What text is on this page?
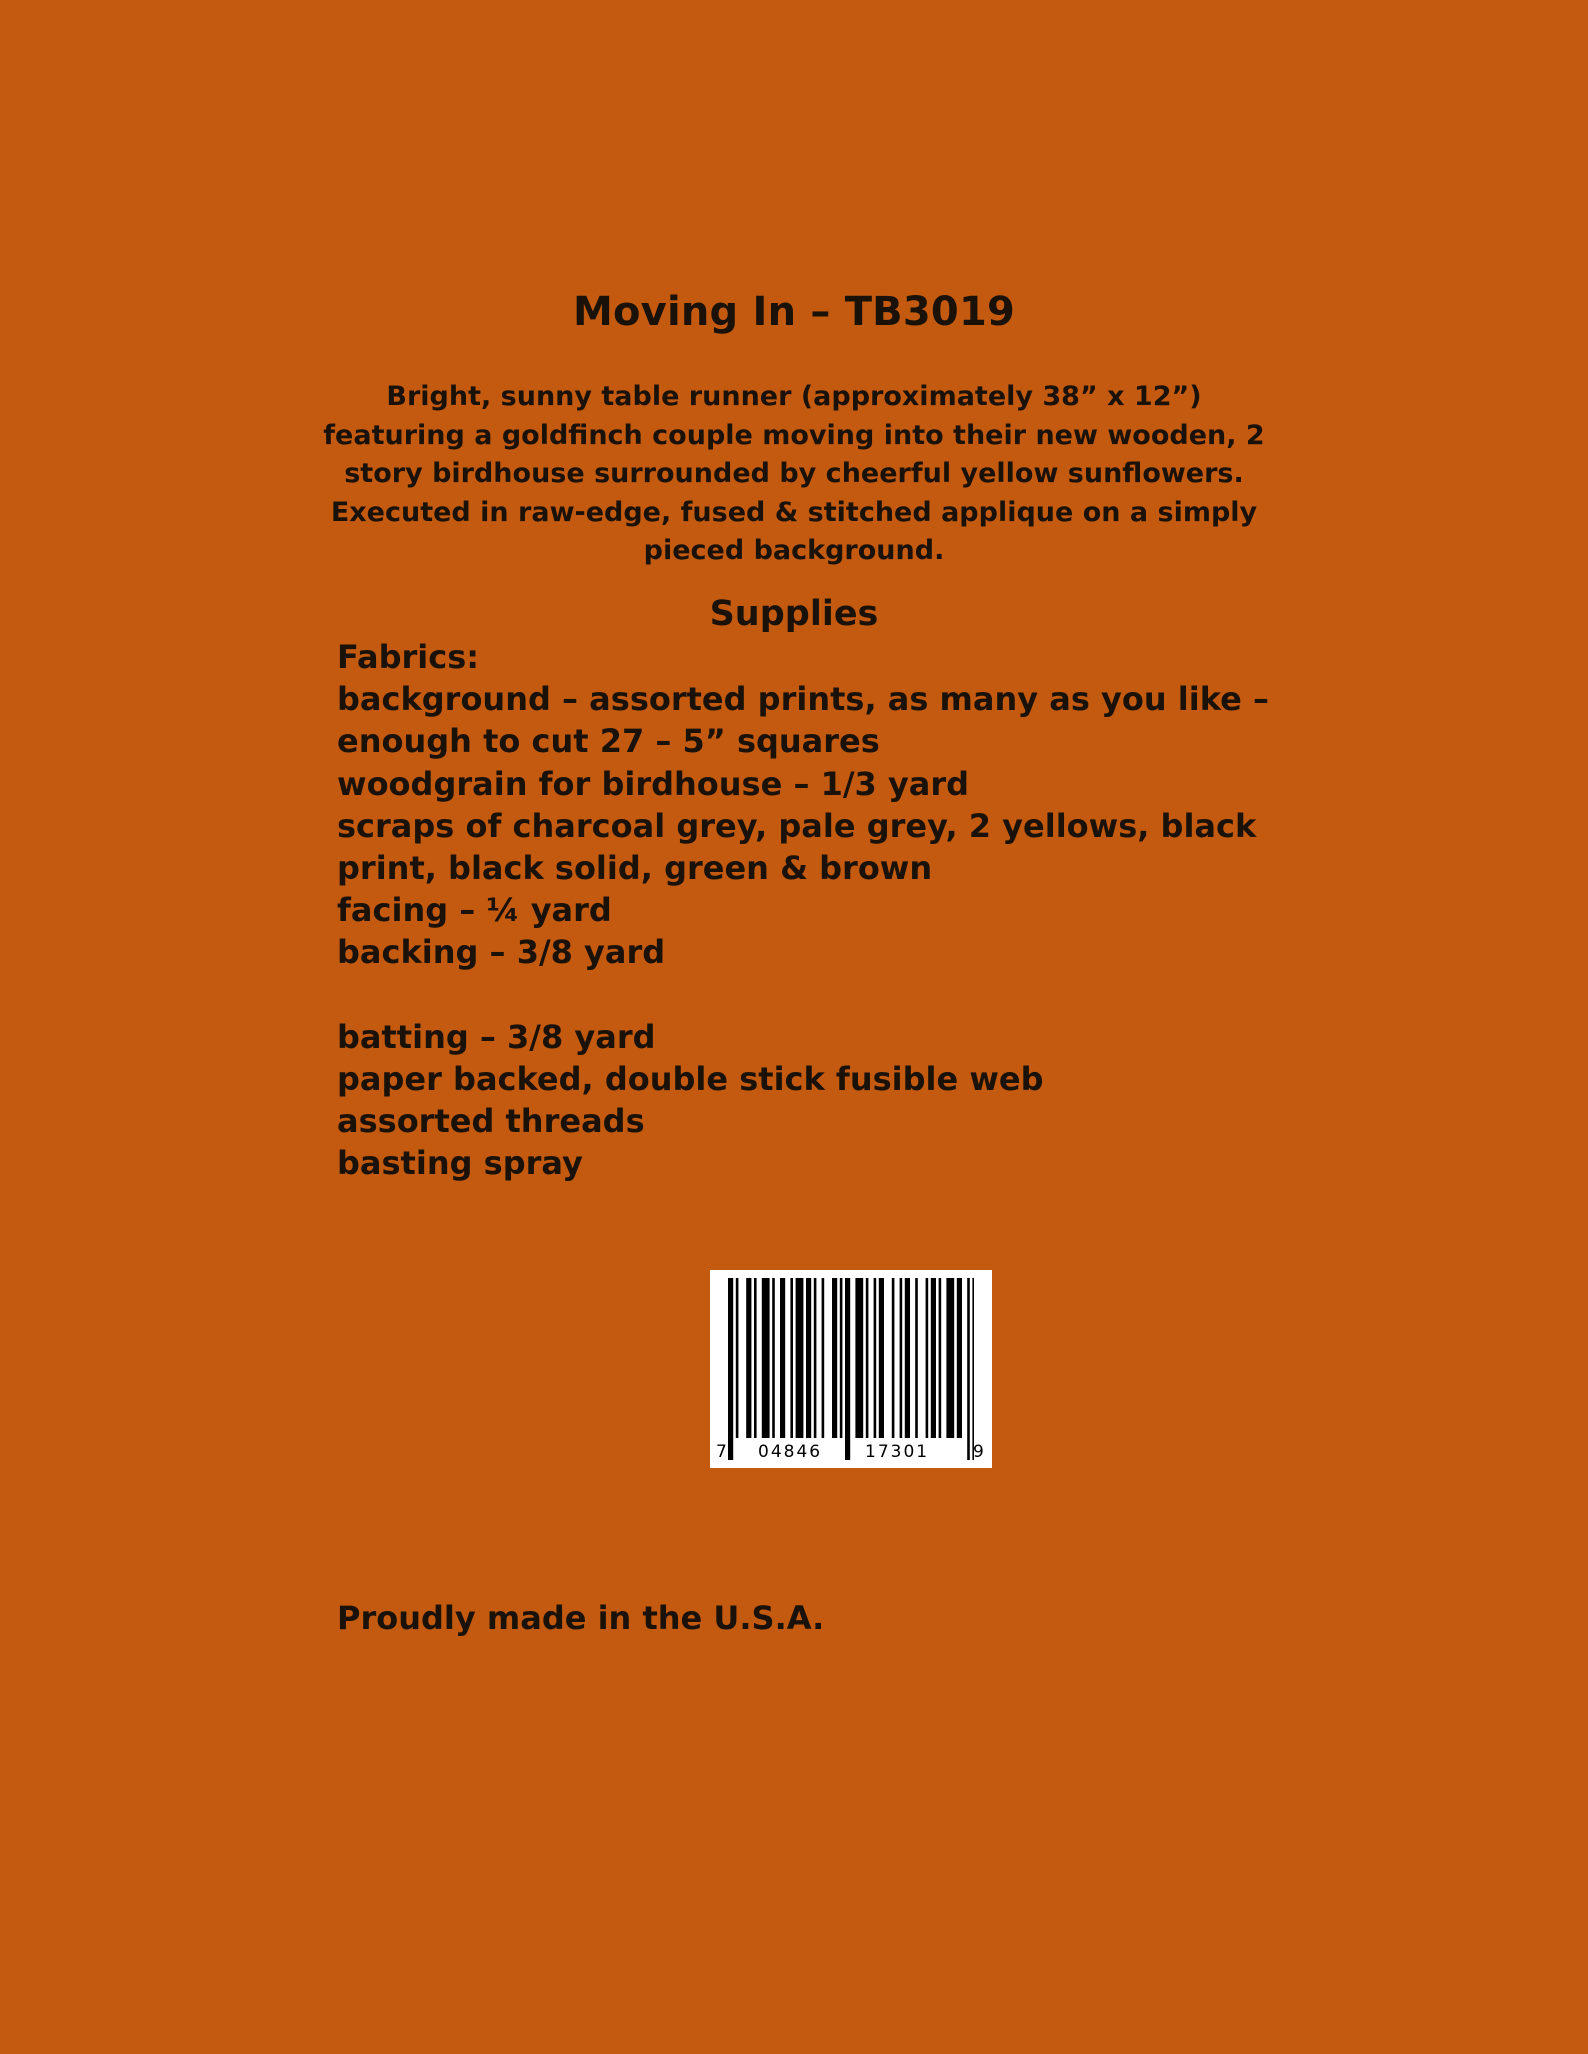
Moving In – TB3019
Bright, sunny table runner (approximately 38” x 12”)
featuring a goldfinch couple moving into their new wooden, 2
story birdhouse surrounded by cheerful yellow sunflowers.
Executed in raw-edge, fused & stitched applique on a simply
pieced background.
Supplies
Fabrics:
background – assorted prints, as many as you like –
enough to cut 27 – 5” squares
woodgrain for birdhouse – 1/3 yard
scraps of charcoal grey, pale grey, 2 yellows, black
print, black solid, green & brown
facing – ¼ yard
backing – 3/8 yard
batting – 3/8 yard
paper backed, double stick fusible web
assorted threads
basting spray
7 04846	17301	9
Proudly made in the U.S.A.
